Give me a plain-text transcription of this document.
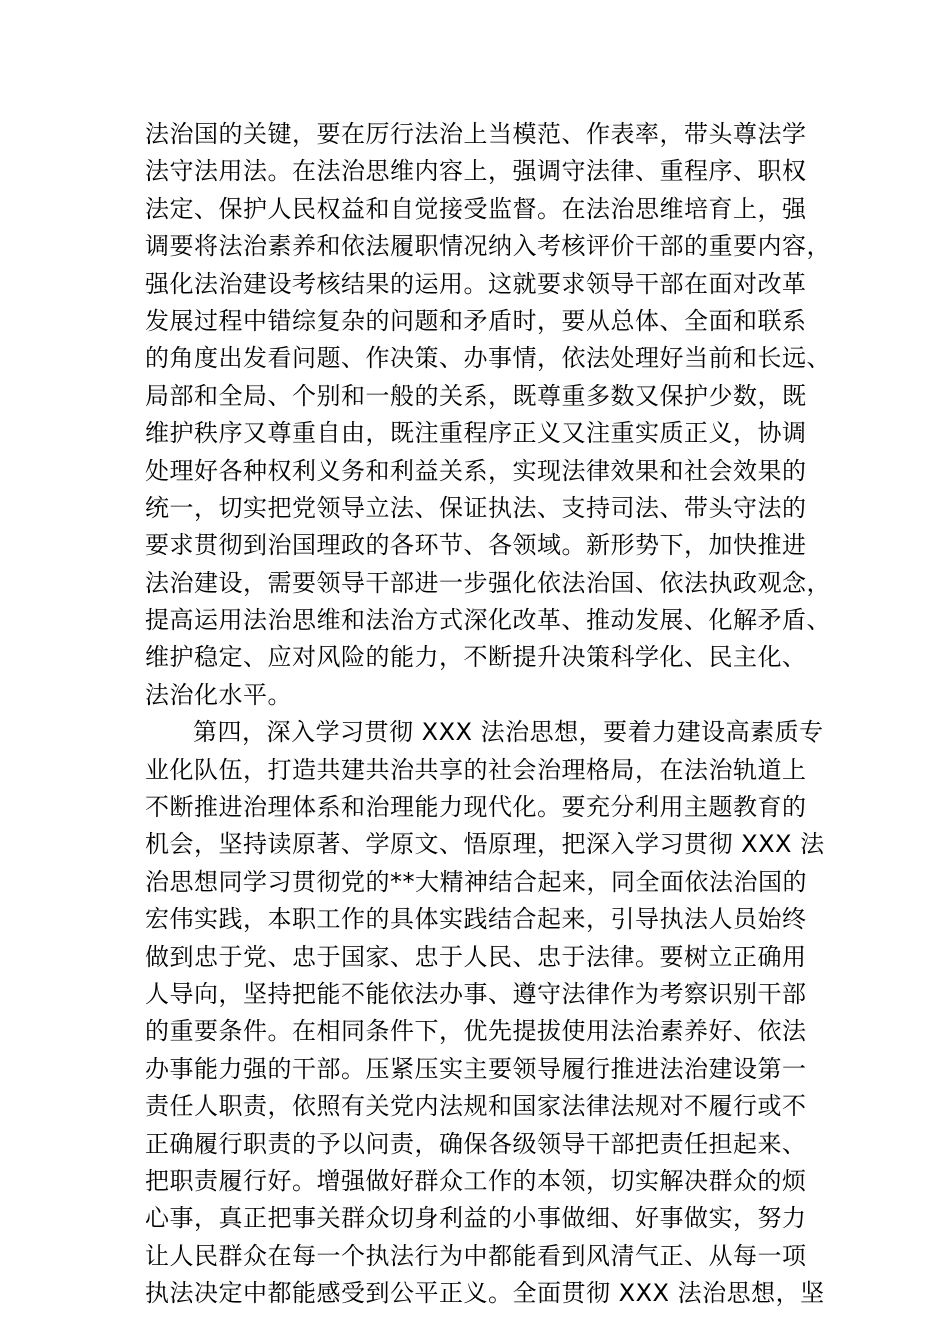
法治国的关键，要在厉行法治上当模范、作表率，带头尊法学
法守法用法。在法治思维内容上，强调守法律、重程序、职权
法定、保护人民权益和自觉接受监督。在法治思维培育上，强
调要将法治素养和依法履职情况纳入考核评价干部的重要内容，
强化法治建设考核结果的运用。这就要求领导干部在面对改革
发展过程中错综复杂的问题和矛盾时，要从总体、全面和联系
的角度出发看问题、作决策、办事情，依法处理好当前和长远、
局部和全局、个别和一般的关系，既尊重多数又保护少数，既
维护秩序又尊重自由，既注重程序正义又注重实质正义，协调
处理好各种权利义务和利益关系，实现法律效果和社会效果的
统一，切实把党领导立法、保证执法、支持司法、带头守法的
要求贯彻到治国理政的各环节、各领域。新形势下，加快推进
法治建设，需要领导干部进一步强化依法治国、依法执政观念，
提高运用法治思维和法治方式深化改革、推动发展、化解矛盾、
维护稳定、应对风险的能力，不断提升决策科学化、民主化、
法治化水平。
第四，深入学习贯彻 XXX 法治思想，要着力建设高素质专
业化队伍，打造共建共治共享的社会治理格局，在法治轨道上
不断推进治理体系和治理能力现代化。要充分利用主题教育的
机会，坚持读原著、学原文、悟原理，把深入学习贯彻 XXX 法
治思想同学习贯彻党的**大精神结合起来，同全面依法治国的
宏伟实践，本职工作的具体实践结合起来，引导执法人员始终
做到忠于党、忠于国家、忠于人民、忠于法律。要树立正确用
人导向，坚持把能不能依法办事、遵守法律作为考察识别干部
的重要条件。在相同条件下，优先提拔使用法治素养好、依法
办事能力强的干部。压紧压实主要领导履行推进法治建设第一
责任人职责，依照有关党内法规和国家法律法规对不履行或不
正确履行职责的予以问责，确保各级领导干部把责任担起来、
把职责履行好。增强做好群众工作的本领，切实解决群众的烦
心事，真正把事关群众切身利益的小事做细、好事做实，努力
让人民群众在每一个执法行为中都能看到风清气正、从每一项
执法决定中都能感受到公平正义。全面贯彻 XXX 法治思想，坚
